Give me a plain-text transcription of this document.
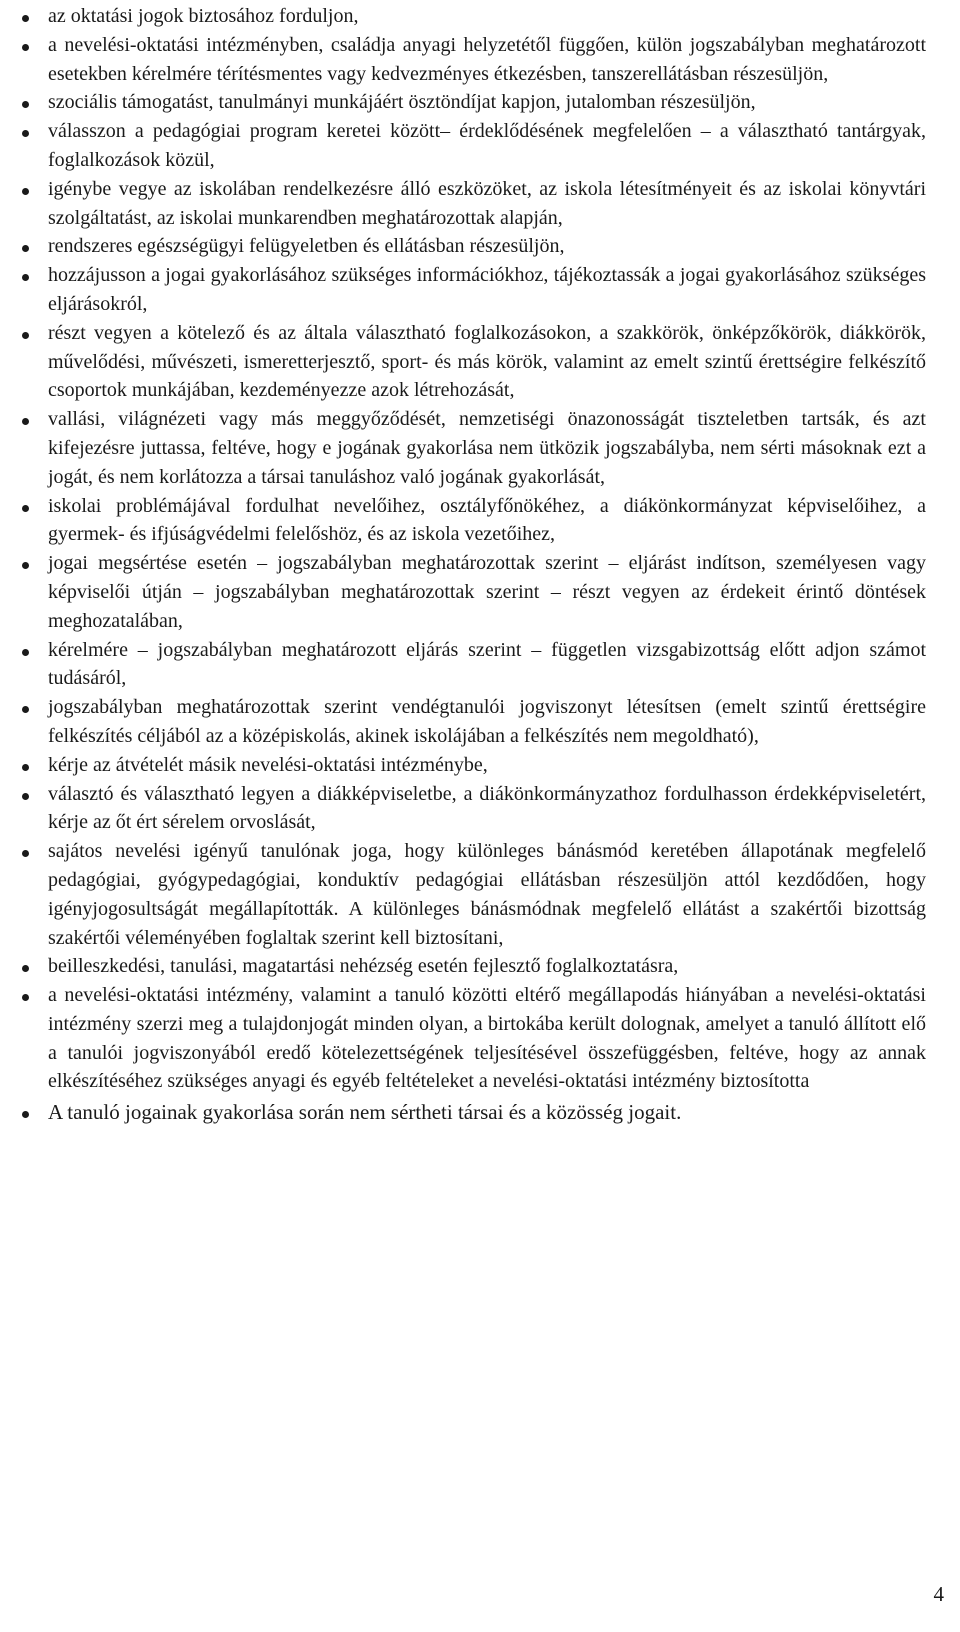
az oktatási jogok biztosához forduljon,
a nevelési-oktatási intézményben, családja anyagi helyzetétől függően, külön jogszabályban meghatározott esetekben kérelmére térítésmentes vagy kedvezményes étkezésben, tanszerellátásban részesüljön,
szociális támogatást, tanulmányi munkájáért ösztöndíjat kapjon, jutalomban részesüljön,
válasszon a pedagógiai program keretei között– érdeklődésének megfelelően – a választható tantárgyak, foglalkozások közül,
igénybe vegye az iskolában rendelkezésre álló eszközöket, az iskola létesítményeit és az iskolai könyvtári szolgáltatást, az iskolai munkarendben meghatározottak alapján,
rendszeres egészségügyi felügyeletben és ellátásban részesüljön,
hozzájusson a jogai gyakorlásához szükséges információkhoz, tájékoztassák a jogai gyakorlásához szükséges eljárásokról,
részt vegyen a kötelező és az általa választható foglalkozásokon, a szakkörök, önképzőkörök, diákkörök, művelődési, művészeti, ismeretterjesztő, sport- és más körök, valamint az emelt szintű érettségire felkészítő csoportok munkájában, kezdeményezze azok létrehozását,
vallási, világnézeti vagy más meggyőződését, nemzetiségi önazonosságát tiszteletben tartsák, és azt kifejezésre juttassa, feltéve, hogy e jogának gyakorlása nem ütközik jogszabályba, nem sérti másoknak ezt a jogát, és nem korlátozza a társai tanuláshoz való jogának gyakorlását,
iskolai problémájával fordulhat nevelőihez, osztályfőnökéhez, a diákönkormányzat képviselőihez, a gyermek- és ifjúságvédelmi felelőshöz, és az iskola vezetőihez,
jogai megsértése esetén – jogszabályban meghatározottak szerint – eljárást indítson, személyesen vagy képviselői útján – jogszabályban meghatározottak szerint – részt vegyen az érdekeit érintő döntések meghozatalában,
kérelmére – jogszabályban meghatározott eljárás szerint – független vizsgabizottság előtt adjon számot tudásáról,
jogszabályban meghatározottak szerint vendégtanulói jogviszonyt létesítsen (emelt szintű érettségire felkészítés céljából az a középiskolás, akinek iskolájában a felkészítés nem megoldható),
kérje az átvételét másik nevelési-oktatási intézménybe,
választó és választható legyen a diákképviseletbe, a diákönkormányzathoz fordulhasson érdekképviseletért, kérje az őt ért sérelem orvoslását,
sajátos nevelési igényű tanulónak joga, hogy különleges bánásmód keretében állapotának megfelelő pedagógiai, gyógypedagógiai, konduktív pedagógiai ellátásban részesüljön attól kezdődően, hogy igényjogosultságát megállapították. A különleges bánásmódnak megfelelő ellátást a szakértői bizottság szakértői véleményében foglaltak szerint kell biztosítani,
beilleszkedési, tanulási, magatartási nehézség esetén fejlesztő foglalkoztatásra,
a nevelési-oktatási intézmény, valamint a tanuló közötti eltérő megállapodás hiányában a nevelési-oktatási intézmény szerzi meg a tulajdonjogát minden olyan, a birtokába került dolognak, amelyet a tanuló állított elő a tanulói jogviszonyából eredő kötelezettségének teljesítésével összefüggésben, feltéve, hogy az annak elkészítéséhez szükséges anyagi és egyéb feltételeket a nevelési-oktatási intézmény biztosította
A tanuló jogainak gyakorlása során nem sértheti társai és a közösség jogait.
4
